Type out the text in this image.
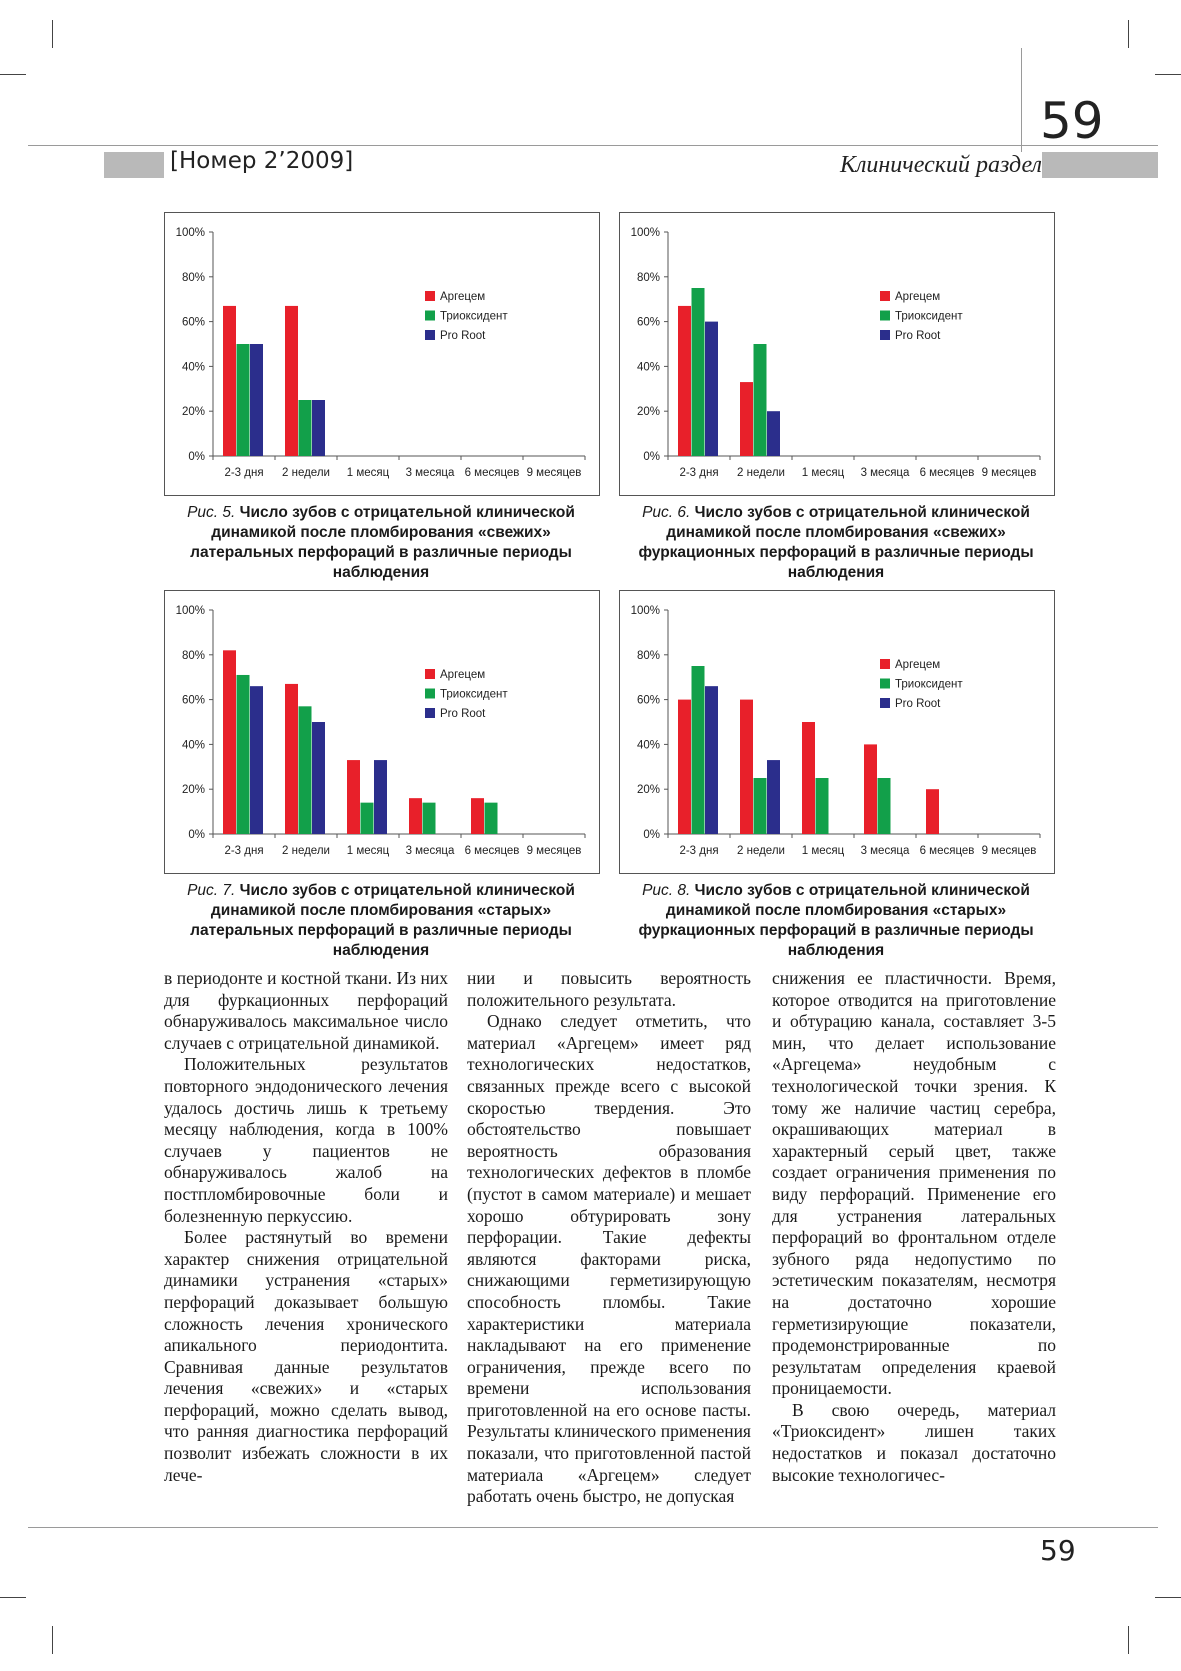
[Номер 2’2009]	Клинический раздел
59
0%
20%
40%
60%
80%
100%
2-3 дня 2 недели 1 месяц 3 месяца 6 месяцев 9 месяцев
Аргецем
Триоксидент
Pro Root
Рис. 5. Число зубов с отрицательной клинической динамикой после пломбирования «свежих» латеральных перфораций в различные периоды наблюдения
0%
20%
40%
60%
80%
100%
2-3 дня 2 недели 1 месяц 3 месяца 6 месяцев 9 месяцев
Аргецем
Триоксидент
Pro Root
Рис. 6. Число зубов с отрицательной клинической динамикой после пломбирования «свежих» фуркационных перфораций в различные периоды наблюдения
0%
20%
40%
60%
80%
100%
2-3 дня 2 недели 1 месяц 3 месяца 6 месяцев 9 месяцев
Аргецем
Триоксидент
Pro Root
Рис. 7. Число зубов с отрицательной клинической динамикой после пломбирования «старых» латеральных перфораций в различные периоды наблюдения
0%
20%
40%
60%
80%
100%
2-3 дня 2 недели 1 месяц 3 месяца 6 месяцев 9 месяцев
Аргецем
Триоксидент
Pro Root
Рис. 8. Число зубов с отрицательной клинической динамикой после пломбирования «старых» фуркационных перфораций в различные периоды наблюдения

в периодонте и костной ткани. Из них для фуркационных перфораций обнаруживалось максимальное число случаев с отрицательной динамикой.

Положительных результатов повторного эндодонического лечения удалось достичь лишь к третьему месяцу наблюдения, когда в 100% случаев у пациентов не обнаруживалось жалоб на постпломбировочные боли и болезненную перкуссию.

Более растянутый во времени характер снижения отрицательной динамики устранения «старых» перфораций доказывает большую сложность лечения хронического апикального периодонтита. Сравнивая данные результатов лечения «свежих» и «старых перфораций, можно сделать вывод, что ранняя диагностика перфораций позволит избежать сложности в их лече-

нии и повысить вероятность положительного результата.

Однако следует отметить, что материал «Аргецем» имеет ряд технологических недостатков, связанных прежде всего с высокой скоростью твердения. Это обстоятельство повышает вероятность образования технологических дефектов в пломбе (пустот в самом материале) и мешает хорошо обтурировать зону перфорации. Такие дефекты являются факторами риска, снижающими герметизирующую способность пломбы. Такие характеристики материала накладывают на его применение ограничения, прежде всего по времени использования приготовленной на его основе пасты. Результаты клинического применения показали, что приготовленной пастой материала «Аргецем» следует работать очень быстро, не допуская

снижения ее пластичности. Время, которое отводится на приготовление и обтурацию канала, составляет 3-5 мин, что делает использование «Аргецема» неудобным с технологической точки зрения. К тому же наличие частиц серебра, окрашивающих материал в характерный серый цвет, также создает ограничения применения по виду перфораций. Применение его для устранения латеральных перфораций во фронтальном отделе зубного ряда недопустимо по эстетическим показателям, несмотря на достаточно хорошие герметизирующие показатели, продемонстрированные по результатам определения краевой проницаемости.

В свою очередь, материал «Триоксидент» лишен таких недостатков и показал достаточно высокие технологичес-

59
